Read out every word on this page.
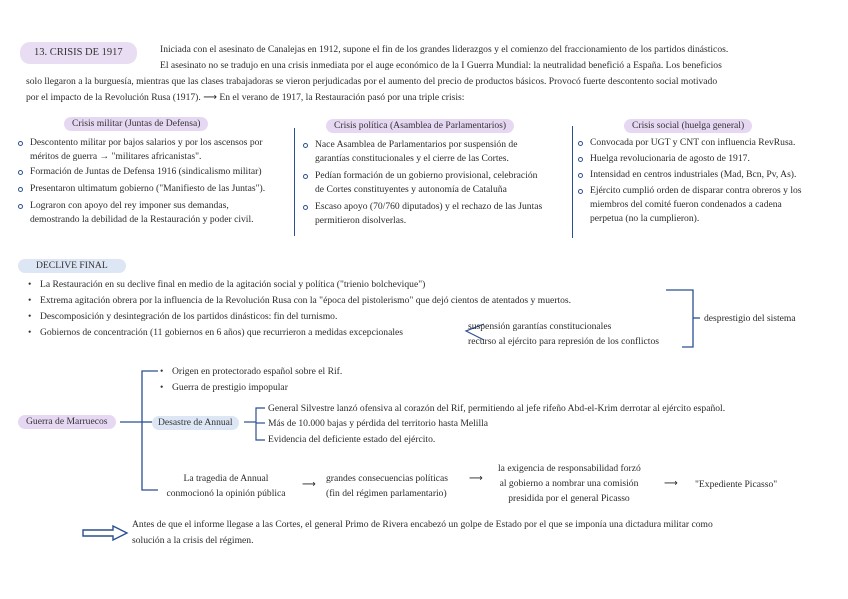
13. CRISIS DE 1917	Iniciada con el asesinato de Canalejas en 1912, supone el fin de los grandes liderazgos y el comienzo del fraccionamiento de los partidos dinásticos.
El asesinato no se tradujo en una crisis inmediata por el auge económico de la I Guerra Mundial: la neutralidad benefició a España. Los beneficios
solo llegaron a la burguesía, mientras que las clases trabajadoras se vieron perjudicadas por el aumento del precio de productos básicos. Provocó fuerte descontento social motivado
por el impacto de la Revolución Rusa (1917). ⟶ En el verano de 1917, la Restauración pasó por una triple crisis:
Crisis militar (Juntas de Defensa)	Crisis política (Asamblea de Parlamentarios)	Crisis social (huelga general)
Descontento militar por bajos salarios y por los ascensos por
méritos de guerra → "militares africanistas".
Formación de Juntas de Defensa 1916 (sindicalismo militar)
Presentaron ultimatum gobierno ("Manifiesto de las Juntas").
Lograron con apoyo del rey imponer sus demandas,
demostrando la debilidad de la Restauración y poder civil.
Nace Asamblea de Parlamentarios por suspensión de
garantías constitucionales y el cierre de las Cortes.
Pedían formación de un gobierno provisional, celebración
de Cortes constituyentes y autonomía de Cataluña
Escaso apoyo (70/760 diputados) y el rechazo de las Juntas
permitieron disolverlas.
Convocada por UGT y CNT con influencia RevRusa.
Huelga revolucionaria de agosto de 1917.
Intensidad en centros industriales (Mad, Bcn, Pv, As).
Ejército cumplió orden de disparar contra obreros y los
miembros del comité fueron condenados a cadena
perpetua (no la cumplieron).
DECLIVE FINAL
• La Restauración en su declive final en medio de la agitación social y política ("trienio bolchevique")
• Extrema agitación obrera por la influencia de la Revolución Rusa con la "época del pistolerismo" que dejó cientos de atentados y muertos.
• Descomposición y desintegración de los partidos dinásticos: fin del turnismo.
• Gobiernos de concentración (11 gobiernos en 6 años) que recurrieron a medidas excepcionales
suspensión garantías constitucionales
recurso al ejército para represión de los conflictos
desprestigio del sistema
Guerra de Marruecos
• Origen en protectorado español sobre el Rif.
• Guerra de prestigio impopular
Desastre de Annual
General Silvestre lanzó ofensiva al corazón del Rif, permitiendo al jefe rifeño Abd-el-Krim derrotar al ejército español.
Más de 10.000 bajas y pérdida del territorio hasta Melilla
Evidencia del deficiente estado del ejército.
La tragedia de Annual
conmocionó la opinión pública
⟶
grandes consecuencias políticas
(fin del régimen parlamentario)
⟶
la exigencia de responsabilidad forzó
al gobierno a nombrar una comisión
presidida por el general Picasso
⟶ "Expediente Picasso"
Antes de que el informe llegase a las Cortes, el general Primo de Rivera encabezó un golpe de Estado por el que se imponía una dictadura militar como
solución a la crisis del régimen.
